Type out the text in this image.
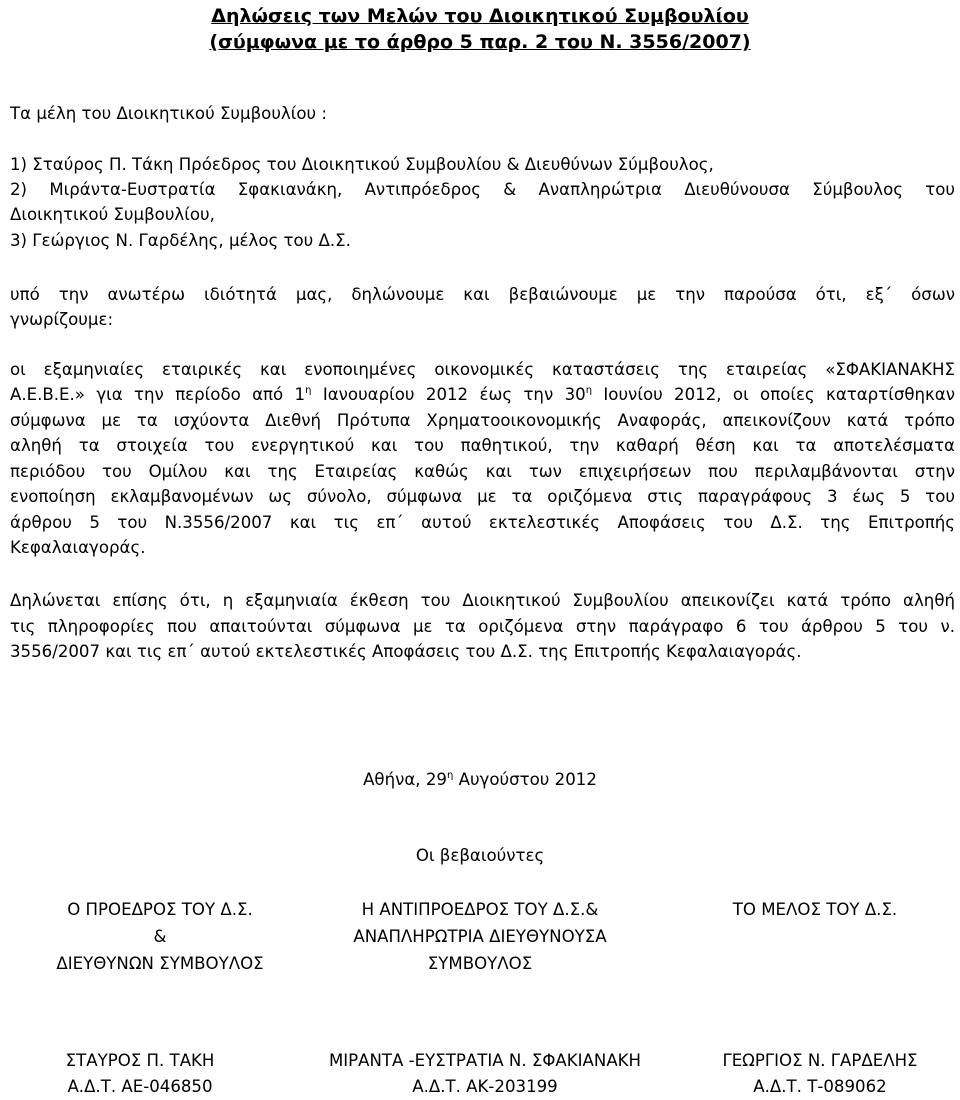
Δηλώσεις των Μελών του Διοικητικού Συμβουλίου
(σύμφωνα με το άρθρο 5 παρ. 2 του Ν. 3556/2007)
Τα μέλη του Διοικητικού Συμβουλίου :
1) Σταύρος Π. Τάκη Πρόεδρος του Διοικητικού Συμβουλίου & Διευθύνων Σύμβουλος,
2) Μιράντα-Ευστρατία Σφακιανάκη, Αντιπρόεδρος & Αναπληρώτρια Διευθύνουσα Σύμβουλος του
Διοικητικού Συμβουλίου,
3) Γεώργιος Ν. Γαρδέλης, μέλος του Δ.Σ.
υπό την ανωτέρω ιδιότητά μας, δηλώνουμε και βεβαιώνουμε με την παρούσα ότι, εξ΄ όσων
γνωρίζουμε:
οι εξαμηνιαίες εταιρικές και ενοποιημένες οικονομικές καταστάσεις της εταιρείας «ΣΦΑΚΙΑΝΑΚΗΣ
Α.Ε.Β.Ε.» για την περίοδο από $1^\eta$ Ιανουαρίου 2012 έως την $30^\eta$ Ιουνίου 2012, οι οποίες καταρτίσθηκαν
σύμφωνα με τα ισχύοντα Διεθνή Πρότυπα Χρηματοοικονομικής Αναφοράς, απεικονίζουν κατά τρόπο
αληθή τα στοιχεία του ενεργητικού και του παθητικού, την καθαρή θέση και τα αποτελέσματα
περιόδου του Ομίλου και της Εταιρείας καθώς και των επιχειρήσεων που περιλαμβάνονται στην
ενοποίηση εκλαμβανομένων ως σύνολο, σύμφωνα με τα οριζόμενα στις παραγράφους 3 έως 5 του
άρθρου 5 του Ν.3556/2007 και τις επ΄ αυτού εκτελεστικές Αποφάσεις του Δ.Σ. της Επιτροπής
Κεφαλαιαγοράς.
Δηλώνεται επίσης ότι, η εξαμηνιαία έκθεση του Διοικητικού Συμβουλίου απεικονίζει κατά τρόπο αληθή
τις πληροφορίες που απαιτούνται σύμφωνα με τα οριζόμενα στην παράγραφο 6 του άρθρου 5 του ν.
3556/2007 και τις επ΄ αυτού εκτελεστικές Αποφάσεις του Δ.Σ. της Επιτροπής Κεφαλαιαγοράς.
Αθήνα, $29^\eta$ Αυγούστου 2012
Οι βεβαιούντες
Ο ΠΡΟΕΔΡΟΣ ΤΟΥ Δ.Σ.
&
ΔΙΕΥΘΥΝΩΝ ΣΥΜΒΟΥΛΟΣ
Η ΑΝΤΙΠΡΟΕΔΡΟΣ ΤΟΥ Δ.Σ.&
ΑΝΑΠΛΗΡΩΤΡΙΑ ΔΙΕΥΘΥΝΟΥΣΑ
ΣΥΜΒΟΥΛΟΣ
ΤΟ ΜΕΛΟΣ ΤΟΥ Δ.Σ.
ΣΤΑΥΡΟΣ Π. ΤΑΚΗ
Α.Δ.Τ. ΑΕ-046850
ΜΙΡΑΝΤΑ -ΕΥΣΤΡΑΤΙΑ Ν. ΣΦΑΚΙΑΝΑΚΗ
Α.Δ.Τ. ΑΚ-203199
ΓΕΩΡΓΙΟΣ Ν. ΓΑΡΔΕΛΗΣ
Α.Δ.Τ. Τ-089062
